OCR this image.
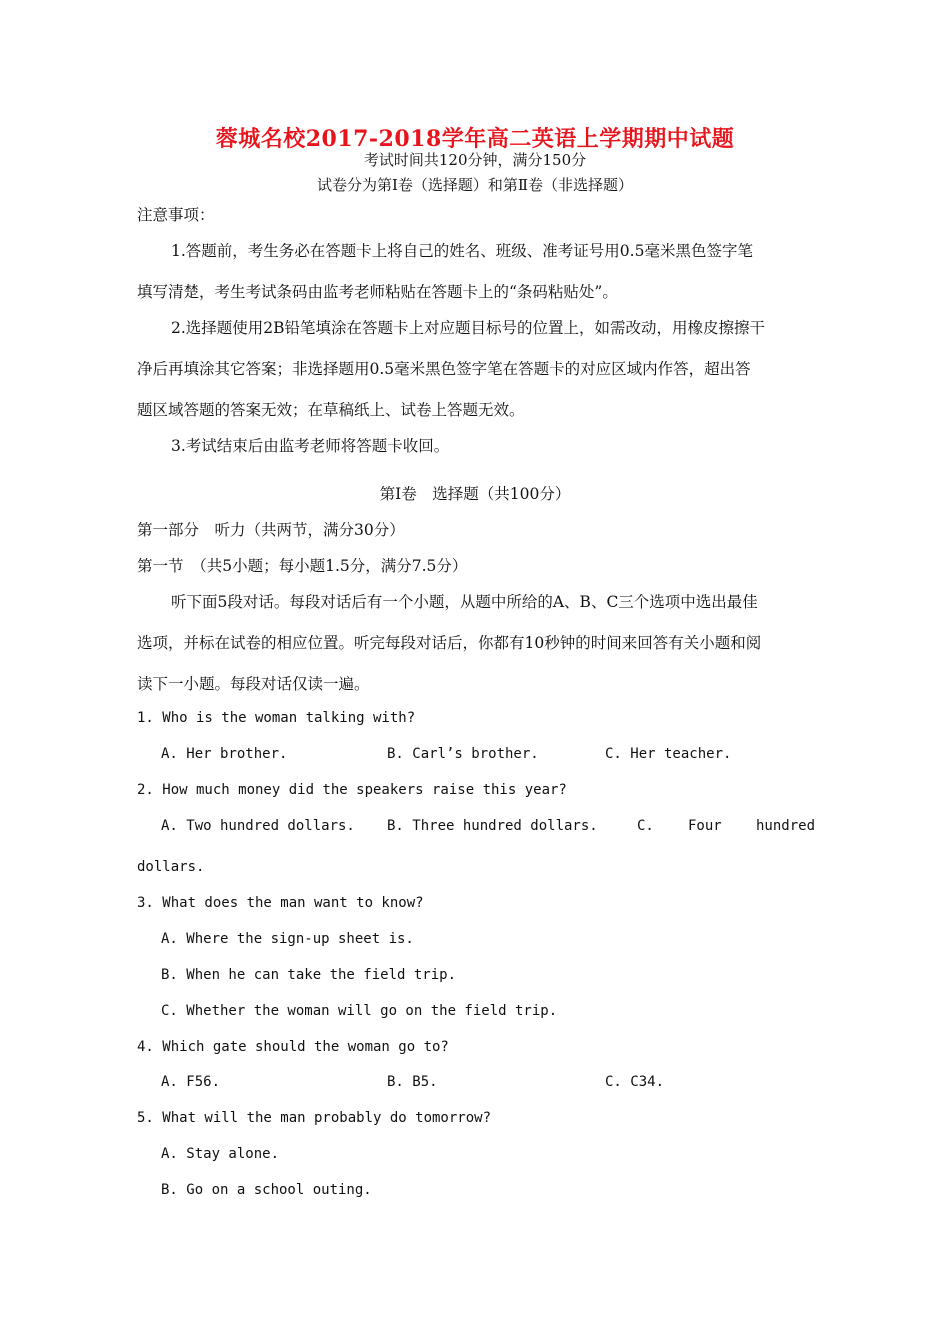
蓉城名校2017-2018学年高二英语上学期期中试题
考试时间共120分钟，满分150分
试卷分为第Ⅰ卷（选择题）和第Ⅱ卷（非选择题）
注意事项：
1.答题前，考生务必在答题卡上将自己的姓名、班级、准考证号用0.5毫米黑色签字笔
填写清楚，考生考试条码由监考老师粘贴在答题卡上的“条码粘贴处”。
2.选择题使用2B铅笔填涂在答题卡上对应题目标号的位置上，如需改动，用橡皮擦擦干
净后再填涂其它答案；非选择题用0.5毫米黑色签字笔在答题卡的对应区域内作答，超出答
题区域答题的答案无效；在草稿纸上、试卷上答题无效。
3.考试结束后由监考老师将答题卡收回。
第Ⅰ卷　选择题（共100分）
第一部分　听力（共两节，满分30分）
第一节　（共5小题；每小题1.5分，满分7.5分）
听下面5段对话。每段对话后有一个小题，从题中所给的A、B、C三个选项中选出最佳
选项，并标在试卷的相应位置。听完每段对话后，你都有10秒钟的时间来回答有关小题和阅
读下一小题。每段对话仅读一遍。
1. Who is the woman talking with?
A. Her brother.	B. Carl’s brother.	C. Her teacher.
2. How much money did the speakers raise this year?
A. Two hundred dollars. B. Three hundred dollars.	C. Four hundred
dollars.
3. What does the man want to know?
A. Where the sign-up sheet is.
B. When he can take the field trip.
C. Whether the woman will go on the field trip.
4. Which gate should the woman go to?
A. F56.	B. B5.	C. C34.
5. What will the man probably do tomorrow?
A. Stay alone.
B. Go on a school outing.
